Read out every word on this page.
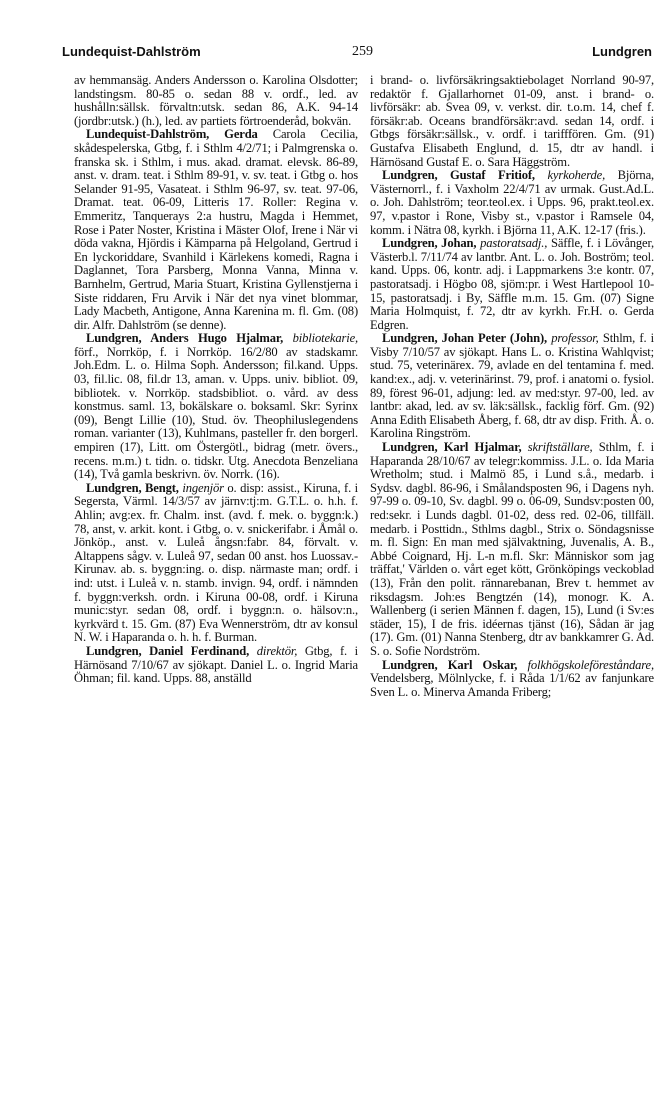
Lundequist-Dahlström	259	Lundgren

av hemmansäg. Anders Andersson o. Karolina Olsdotter; landstingsm. 80-85 o. sedan 88 v. ordf., led. av hushålln:sällsk. förvaltn:utsk. sedan 86, A.K. 94-14 (jordbr:utsk.) (h.), led. av partiets förtroenderåd, bokvän.

Lundequist-Dahlström, Gerda Carola Cecilia, skådespelerska, Gtbg, f. i Sthlm 4/2/71; i Palmgrenska o. franska sk. i Sthlm, i mus. akad. dramat. elevsk. 86-89, anst. v. dram. teat. i Sthlm 89-91, v. sv. teat. i Gtbg o. hos Selander 91-95, Vasateat. i Sthlm 96-97, sv. teat. 97-06, Dramat. teat. 06-09, Litteris 17. Roller: Regina v. Emmeritz, Tanquerays 2:a hustru, Magda i Hemmet, Rose i Pater Noster, Kristina i Mäster Olof, Irene i När vi döda vakna, Hjördis i Kämparna på Helgoland, Gertrud i En lyckoriddare, Svanhild i Kärlekens komedi, Ragna i Daglannet, Tora Parsberg, Monna Vanna, Minna v. Barnhelm, Gertrud, Maria Stuart, Kristina Gyllenstjerna i Siste riddaren, Fru Arvik i När det nya vinet blommar, Lady Macbeth, Antigone, Anna Karenina m. fl. Gm. (08) dir. Alfr. Dahlström (se denne).

Lundgren, Anders Hugo Hjalmar, bibliotekarie, förf., Norrköp, f. i Norrköp. 16/2/80 av stadskamr. Joh.Edm. L. o. Hilma Soph. Andersson; fil.kand. Upps. 03, fil.lic. 08, fil.dr 13, aman. v. Upps. univ. bibliot. 09, bibliotek. v. Norrköp. stadsbibliot. o. vård. av dess konstmus. saml. 13, bokälskare o. boksaml. Skr: Syrinx (09), Bengt Lillie (10), Stud. öv. Theophiluslegendens roman. varianter (13), Kuhlmans, pasteller fr. den borgerl. empiren (17), Litt. om Östergötl., bidrag (metr. övers., recens. m.m.) t. tidn. o. tidskr. Utg. Anecdota Benzeliana (14), Två gamla beskrivn. öv. Norrk. (16).

Lundgren, Bengt, ingenjör o. disp: assist., Kiruna, f. i Segersta, Värml. 14/3/57 av järnv:tj:m. G.T.L. o. h.h. f. Ahlin; avg:ex. fr. Chalm. inst. (avd. f. mek. o. byggn:k.) 78, anst, v. arkit. kont. i Gtbg, o. v. snickerifabr. i Åmål o. Jönköp., anst. v. Luleå ångsn:fabr. 84, förvalt. v. Altappens sågv. v. Luleå 97, sedan 00 anst. hos Luossav.-Kirunav. ab. s. byggn:ing. o. disp. närmaste man; ordf. i ind: utst. i Luleå v. n. stamb. invign. 94, ordf. i nämnden f. byggn:verksh. ordn. i Kiruna 00-08, ordf. i Kiruna munic:styr. sedan 08, ordf. i byggn:n. o. hälsov:n., kyrkvärd t. 15. Gm. (87) Eva Wennerström, dtr av konsul N. W. i Haparanda o. h. h. f. Burman.

Lundgren, Daniel Ferdinand, direktör, Gtbg, f. i Härnösand 7/10/67 av sjökapt. Daniel L. o. Ingrid Maria Öhman; fil. kand. Upps. 88, anställd

i brand- o. livförsäkringsaktiebolaget Norrland 90-97, redaktör f. Gjallarhornet 01-09, anst. i brand- o. livförsäkr: ab. Svea 09, v. verkst. dir. t.o.m. 14, chef f. försäkr:ab. Oceans brandförsäkr:avd. sedan 14, ordf. i Gtbgs försäkr:sällsk., v. ordf. i tarifffören. Gm. (91) Gustafva Elisabeth Englund, d. 15, dtr av handl. i Härnösand Gustaf E. o. Sara Häggström.

Lundgren, Gustaf Fritiof, kyrkoherde, Björna, Västernorrl., f. i Vaxholm 22/4/71 av urmak. Gust.Ad.L. o. Joh. Dahlström; teor.teol.ex. i Upps. 96, prakt.teol.ex. 97, v.pastor i Rone, Visby st., v.pastor i Ramsele 04, komm. i Nätra 08, kyrkh. i Björna 11, A.K. 12-17 (fris.).

Lundgren, Johan, pastoratsadj., Säffle, f. i Lövånger, Västerb.l. 7/11/74 av lantbr. Ant. L. o. Joh. Boström; teol. kand. Upps. 06, kontr. adj. i Lappmarkens 3:e kontr. 07, pastoratsadj. i Högbo 08, sjöm:pr. i West Hartlepool 10-15, pastoratsadj. i By, Säffle m.m. 15. Gm. (07) Signe Maria Holmquist, f. 72, dtr av kyrkh. Fr.H. o. Gerda Edgren.

Lundgren, Johan Peter (John), professor, Sthlm, f. i Visby 7/10/57 av sjökapt. Hans L. o. Kristina Wahlqvist; stud. 75, veterinärex. 79, avlade en del tentamina f. med. kand:ex., adj. v. veterinärinst. 79, prof. i anatomi o. fysiol. 89, förest 96-01, adjung: led. av med:styr. 97-00, led. av lantbr: akad, led. av sv. läk:sällsk., facklig förf. Gm. (92) Anna Edith Elisabeth Åberg, f. 68, dtr av disp. Frith. Å. o. Karolina Ringström.

Lundgren, Karl Hjalmar, skriftställare, Sthlm, f. i Haparanda 28/10/67 av telegr:kommiss. J.L. o. Ida Maria Wretholm; stud. i Malmö 85, i Lund s.å., medarb. i Sydsv. dagbl. 86-96, i Smålandsposten 96, i Dagens nyh. 97-99 o. 09-10, Sv. dagbl. 99 o. 06-09, Sundsv:posten 00, red:sekr. i Lunds dagbl. 01-02, dess red. 02-06, tillfäll. medarb. i Posttidn., Sthlms dagbl., Strix o. Söndagsnisse m. fl. Sign: En man med självaktning, Juvenalis, A. B., Abbé Coignard, Hj. L-n m.fl. Skr: Människor som jag träffat,' Världen o. vårt eget kött, Grönköpings veckoblad (13), Från den polit. rännarebanan, Brev t. hemmet av riksdagsm. Joh:es Bengtzén (14), monogr. K. A. Wallenberg (i serien Männen f. dagen, 15), Lund (i Sv:es städer, 15), I de fris. idéernas tjänst (16), Sådan är jag (17). Gm. (01) Nanna Stenberg, dtr av bankkamrer G. Ad. S. o. Sofie Nordström.

Lundgren, Karl Oskar, folkhögskoleföreståndare, Vendelsberg, Mölnlycke, f. i Råda 1/1/62 av fanjunkare Sven L. o. Minerva Amanda Friberg;
